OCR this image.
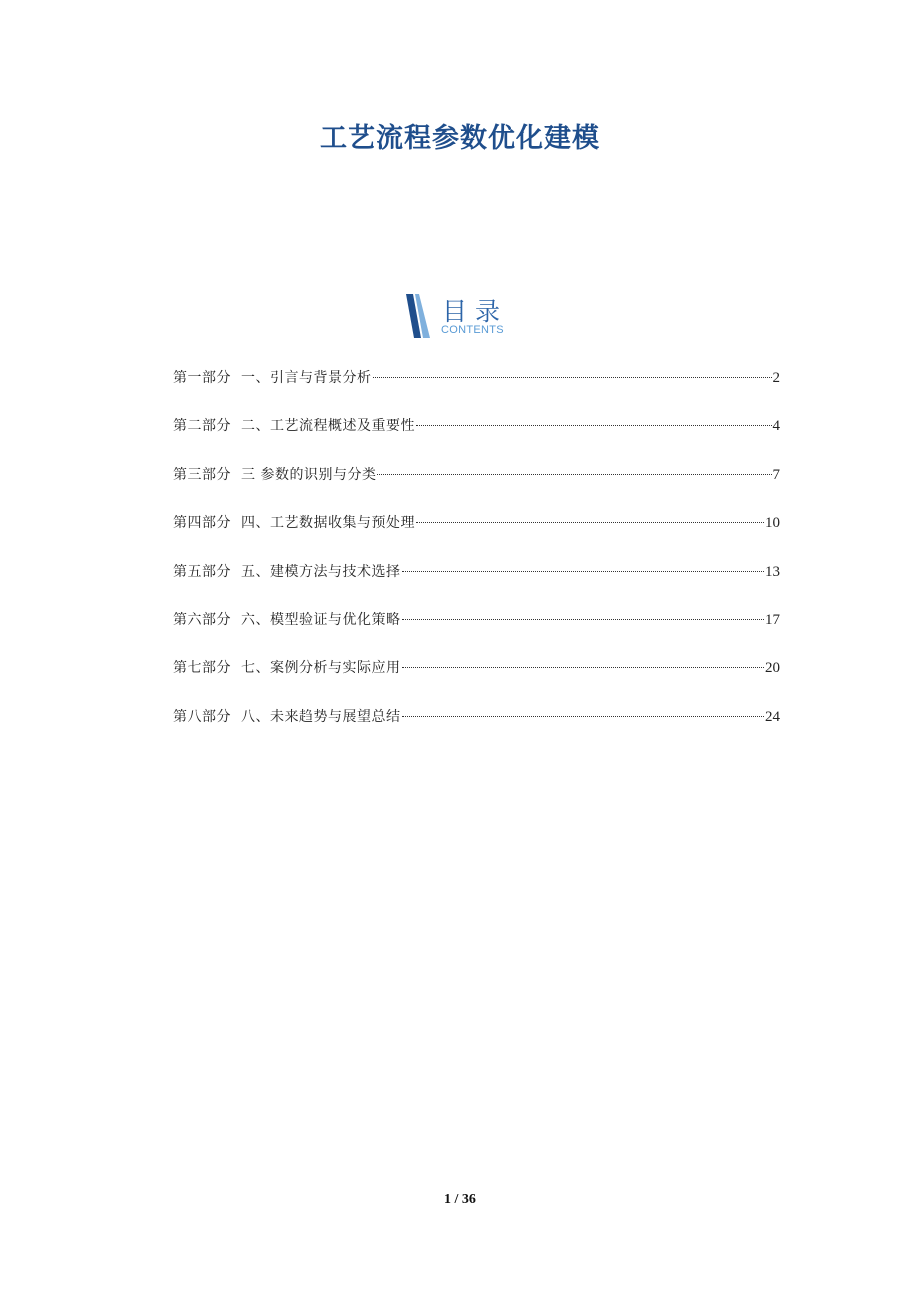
工艺流程参数优化建模
目录
CONTENTS
第一部分 一、引言与背景分析	2
第二部分 二、工艺流程概述及重要性	4
第三部分 三 参数的识别与分类	7
第四部分 四、工艺数据收集与预处理	10
第五部分 五、建模方法与技术选择	13
第六部分 六、模型验证与优化策略	17
第七部分 七、案例分析与实际应用	20
第八部分 八、未来趋势与展望总结	24
1 / 36
